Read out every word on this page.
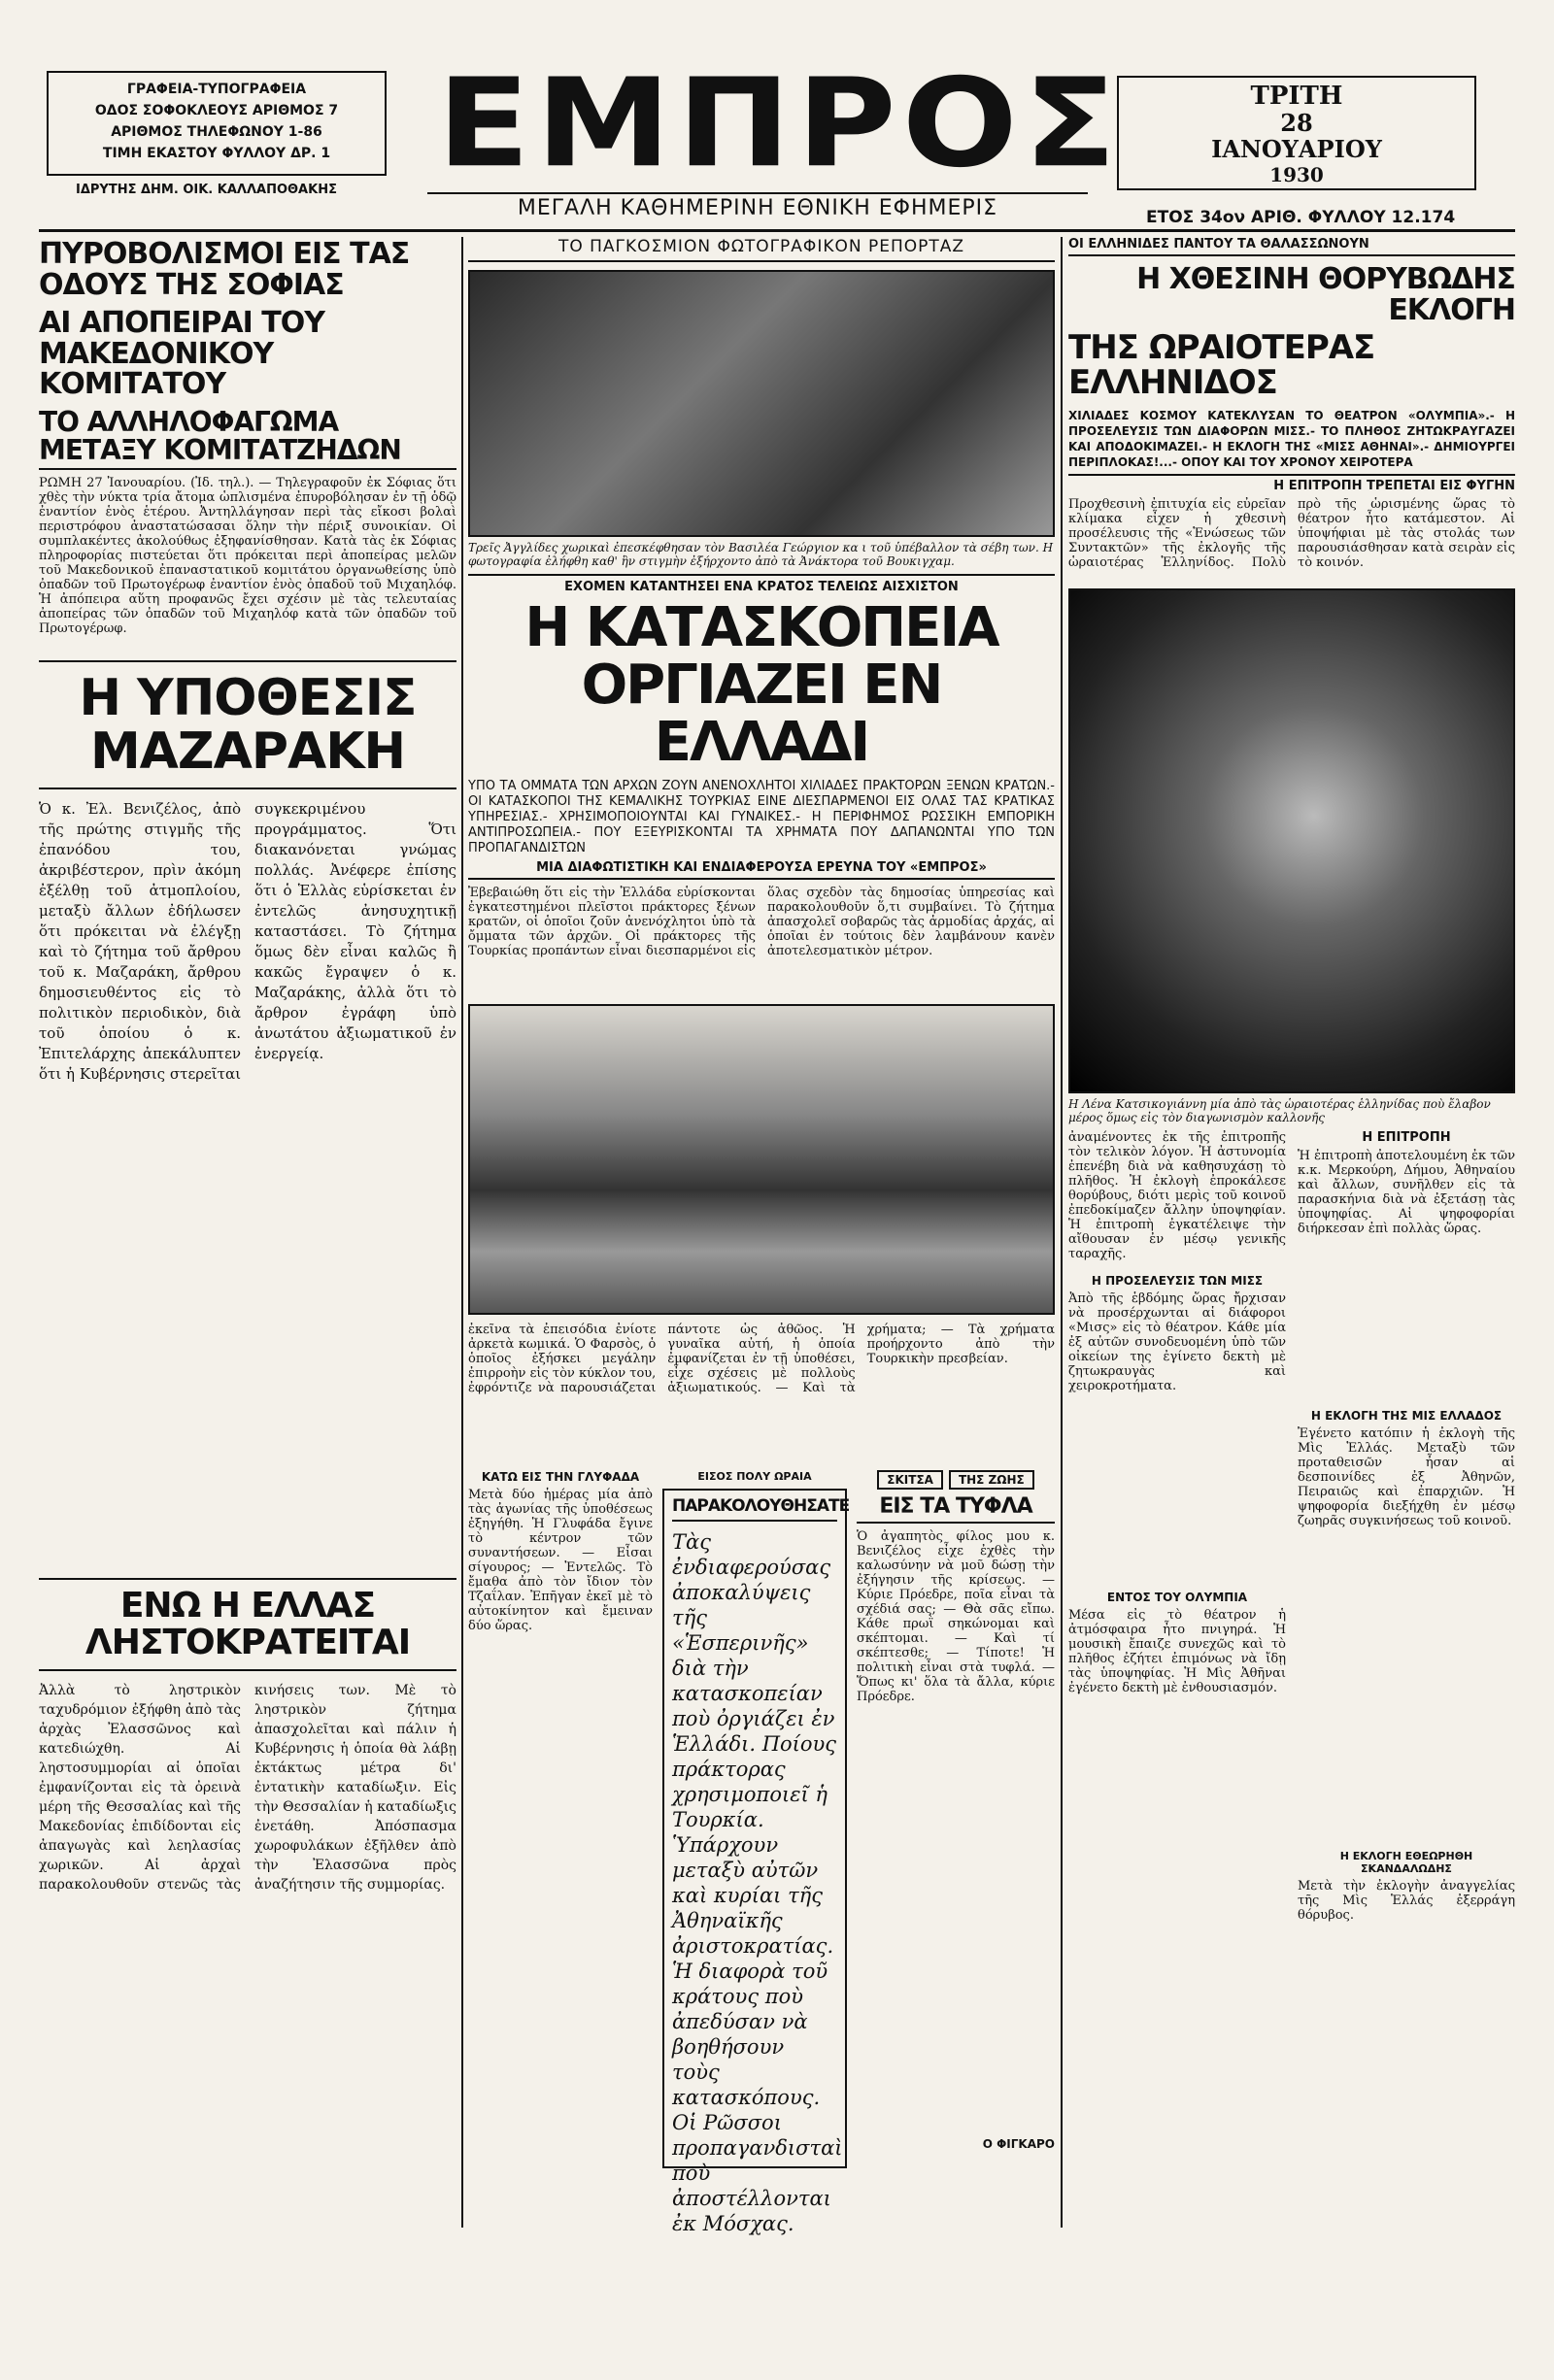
ΓΡΑΦΕΙΑ-ΤΥΠΟΓΡΑΦΕΙΑ
ΟΔΟΣ ΣΟΦΟΚΛΕΟΥΣ ΑΡΙΘΜΟΣ 7
ΑΡΙΘΜΟΣ ΤΗΛΕΦΩΝΟΥ 1-86
ΤΙΜΗ ΕΚΑΣΤΟΥ ΦΥΛΛΟΥ ΔΡ. 1
ΙΔΡΥΤΗΣ ΔΗΜ. ΟΙΚ. ΚΑΛΛΑΠΟΘΑΚΗΣ ΕΜΠΡΟΣ
ΜΕΓΑΛΗ ΚΑΘΗΜΕΡΙΝΗ ΕΘΝΙΚΗ ΕΦΗΜΕΡΙΣ
ΤΡΙΤΗ
28
ΙΑΝΟΥΑΡΙΟΥ
1930
ΕΤΟΣ 34ον ΑΡΙΘ. ΦΥΛΛΟΥ 12.174
ΠΥΡΟΒΟΛΙΣΜΟΙ ΕΙΣ ΤΑΣ ΟΔΟΥΣ ΤΗΣ ΣΟΦΙΑΣ
ΑΙ ΑΠΟΠΕΙΡΑΙ ΤΟΥ ΜΑΚΕΔΟΝΙΚΟΥ ΚΟΜΙΤΑΤΟΥ
ΤΟ ΑΛΛΗΛΟΦΑΓΩΜΑ ΜΕΤΑΞΥ ΚΟΜΙΤΑΤΖΗΔΩΝ
ΡΩΜΗ 27 Ἰανουαρίου. (Ἰδ. τηλ.). — Τηλεγραφοῦν ἐκ Σόφιας ὅτι χθὲς τὴν νύκτα τρία ἄτομα ὡπλισμένα ἐπυροβόλησαν ἐν τῇ ὁδῷ ἐναντίον ἑνὸς ἑτέρου. Ἀντηλλάγησαν περὶ τὰς εἴκοσι βολαὶ περιστρόφου ἀναστατώσασαι ὅλην τὴν πέριξ συνοικίαν. Οἱ συμπλακέντες ἀκολούθως ἐξηφανίσθησαν. Κατὰ τὰς ἐκ Σόφιας πληροφορίας πιστεύεται ὅτι πρόκειται περὶ ἀποπείρας μελῶν τοῦ Μακεδονικοῦ ἐπαναστατικοῦ κομιτάτου ὀργανωθείσης ὑπὸ ὀπαδῶν τοῦ Πρωτογέρωφ ἐναντίον ἑνὸς ὀπαδοῦ τοῦ Μιχαηλόφ. Ἡ ἀπόπειρα αὕτη προφανῶς ἔχει σχέσιν μὲ τὰς τελευταίας ἀποπείρας τῶν ὀπαδῶν τοῦ Μιχαηλόφ κατὰ τῶν ὀπαδῶν τοῦ Πρωτογέρωφ.
Η ΥΠΟΘΕΣΙΣ ΜΑΖΑΡΑΚΗ
Ὁ κ. Ἐλ. Βενιζέλος, ἀπὸ τῆς πρώτης στιγμῆς τῆς ἐπανόδου του, ἀκριβέστερον, πρὶν ἀκόμη ἐξέλθῃ τοῦ ἀτμοπλοίου, μεταξὺ ἄλλων ἐδήλωσεν ὅτι πρόκειται νὰ ἐλέγξῃ καὶ τὸ ζήτημα τοῦ ἄρθρου τοῦ κ. Μαζαράκη, ἄρθρου δημοσιευθέντος εἰς τὸ πολιτικὸν περιοδικὸν, διὰ τοῦ ὁποίου ὁ κ. Ἐπιτελάρχης ἀπεκάλυπτεν ὅτι ἡ Κυβέρνησις στερεῖται συγκεκριμένου προγράμματος. Ὅτι διακανόνεται γνώμας πολλάς. Ἀνέφερε ἐπίσης ὅτι ὁ Ἑλλὰς εὑρίσκεται ἐν ἐντελῶς ἀνησυχητικῇ καταστάσει. Τὸ ζήτημα ὅμως δὲν εἶναι καλῶς ἢ κακῶς ἔγραψεν ὁ κ. Μαζαράκης, ἀλλὰ ὅτι τὸ ἄρθρον ἐγράφη ὑπὸ ἀνωτάτου ἀξιωματικοῦ ἐν ἐνεργείᾳ.
ΕΝΩ Η ΕΛΛΑΣ ΛΗΣΤΟΚΡΑΤΕΙΤΑΙ
Ἀλλὰ τὸ ληστρικὸν ταχυδρόμιον ἐξήφθη ἀπὸ τὰς ἀρχὰς Ἐλασσῶνος καὶ κατεδιώχθη. Αἱ ληστοσυμμορίαι αἱ ὁποῖαι ἐμφανίζονται εἰς τὰ ὀρεινὰ μέρη τῆς Θεσσαλίας καὶ τῆς Μακεδονίας ἐπιδίδονται εἰς ἀπαγωγὰς καὶ λεηλασίας χωρικῶν. Αἱ ἀρχαὶ παρακολουθοῦν στενῶς τὰς κινήσεις των. Μὲ τὸ ληστρικὸν ζήτημα ἀπασχολεῖται καὶ πάλιν ἡ Κυβέρνησις ἡ ὁποία θὰ λάβῃ ἐκτάκτως μέτρα δι' ἐντατικὴν καταδίωξιν. Εἰς τὴν Θεσσαλίαν ἡ καταδίωξις ἐνετάθη. Ἀπόσπασμα χωροφυλάκων ἐξῆλθεν ἀπὸ τὴν Ἐλασσῶνα πρὸς ἀναζήτησιν τῆς συμμορίας.
ΤΟ ΠΑΓΚΟΣΜΙΟΝ ΦΩΤΟΓΡΑΦΙΚΟΝ ΡΕΠΟΡΤΑΖ
Τρεῖς Ἀγγλίδες χωρικαὶ ἐπεσκέφθησαν τὸν Βασιλέα Γεώργιον κα ι τοῦ ὑπέβαλλον τὰ σέβη των. Η φωτογραφία ἐλήφθη καθ' ἣν στιγμὴν ἐξήρχοντο ἀπὸ τὰ Ἀνάκτορα τοῦ Βουκιγχαμ.
ΕΧΟΜΕΝ ΚΑΤΑΝΤΗΣΕΙ ΕΝΑ ΚΡΑΤΟΣ ΤΕΛΕΙΩΣ ΑΙΣΧΙΣΤΟΝ
Η ΚΑΤΑΣΚΟΠΕΙΑ ΟΡΓΙΑΖΕΙ ΕΝ ΕΛΛΑΔΙ
ΥΠΟ ΤΑ ΟΜΜΑΤΑ ΤΩΝ ΑΡΧΩΝ ΖΟΥΝ ΑΝΕΝΟΧΛΗΤΟΙ ΧΙΛΙΑΔΕΣ ΠΡΑΚΤΟΡΩΝ ΞΕΝΩΝ ΚΡΑΤΩΝ.- ΟΙ ΚΑΤΑΣΚΟΠΟΙ ΤΗΣ ΚΕΜΑΛΙΚΗΣ ΤΟΥΡΚΙΑΣ ΕΙΝΕ ΔΙΕΣΠΑΡΜΕΝΟΙ ΕΙΣ ΟΛΑΣ ΤΑΣ ΚΡΑΤΙΚΑΣ ΥΠΗΡΕΣΙΑΣ.- ΧΡΗΣΙΜΟΠΟΙΟΥΝΤΑΙ ΚΑΙ ΓΥΝΑΙΚΕΣ.- Η ΠΕΡΙΦΗΜΟΣ ΡΩΣΣΙΚΗ ΕΜΠΟΡΙΚΗ ΑΝΤΙΠΡΟΣΩΠΕΙΑ.- ΠΟΥ ΕΞΕΥΡΙΣΚΟΝΤΑΙ ΤΑ ΧΡΗΜΑΤΑ ΠΟΥ ΔΑΠΑΝΩΝΤΑΙ ΥΠΟ ΤΩΝ ΠΡΟΠΑΓΑΝΔΙΣΤΩΝ
ΜΙΑ ΔΙΑΦΩΤΙΣΤΙΚΗ ΚΑΙ ΕΝΔΙΑΦΕΡΟΥΣΑ ΕΡΕΥΝΑ ΤΟΥ «ΕΜΠΡΟΣ»
Ἐβεβαιώθη ὅτι εἰς τὴν Ἑλλάδα εὑρίσκονται ἐγκατεστημένοι πλεῖστοι πράκτορες ξένων κρατῶν, οἱ ὁποῖοι ζοῦν ἀνενόχλητοι ὑπὸ τὰ ὄμματα τῶν ἀρχῶν. Οἱ πράκτορες τῆς Τουρκίας προπάντων εἶναι διεσπαρμένοι εἰς ὅλας σχεδὸν τὰς δημοσίας ὑπηρεσίας καὶ παρακολουθοῦν ὅ,τι συμβαίνει. Τὸ ζήτημα ἀπασχολεῖ σοβαρῶς τὰς ἁρμοδίας ἀρχάς, αἱ ὁποῖαι ἐν τούτοις δὲν λαμβάνουν κανὲν ἀποτελεσματικὸν μέτρον.
ἐκεῖνα τὰ ἐπεισόδια ἐνίοτε ἀρκετὰ κωμικά. Ὁ Φαρσὸς, ὁ ὁποῖος ἐξήσκει μεγάλην ἐπιρροὴν εἰς τὸν κύκλον του, ἐφρόντιζε νὰ παρουσιάζεται πάντοτε ὡς ἀθῶος. Ἡ γυναῖκα αὐτή, ἡ ὁποία ἐμφανίζεται ἐν τῇ ὑποθέσει, εἶχε σχέσεις μὲ πολλοὺς ἀξιωματικούς. — Καὶ τὰ χρήματα; — Τὰ χρήματα προήρχοντο ἀπὸ τὴν Τουρκικὴν πρεσβείαν.
ΚΑΤΩ ΕΙΣ ΤΗΝ ΓΛΥΦΑΔΑ
Μετὰ δύο ἡμέρας μία ἀπὸ τὰς ἀγωνίας τῆς ὑποθέσεως ἐξηγήθη. Ἡ Γλυφάδα ἔγινε τὸ κέντρον τῶν συναντήσεων. — Εἶσαι σίγουρος; — Ἐντελῶς. Τὸ ἔμαθα ἀπὸ τὸν ἴδιον τὸν Τζαΐλαν. Ἐπῆγαν ἐκεῖ μὲ τὸ αὐτοκίνητον καὶ ἔμειναν δύο ὥρας.
ΕΙΣΟΣ ΠΟΛΥ ΩΡΑΙΑ
ΠΑΡΑΚΟΛΟΥΘΗΣΑΤΕ
Τὰς ἐνδιαφερούσας ἀποκαλύψεις τῆς «Ἑσπερινῆς» διὰ τὴν κατασκοπείαν ποὺ ὀργιάζει ἐν Ἑλλάδι. Ποίους πράκτορας χρησιμοποιεῖ ἡ Τουρκία. Ὑπάρχουν μεταξὺ αὐτῶν καὶ κυρίαι τῆς Ἀθηναϊκῆς ἀριστοκρατίας. Ἡ διαφορὰ τοῦ κράτους ποὺ ἀπεδύσαν νὰ βοηθήσουν τοὺς κατασκόπους. Οἱ Ρῶσσοι προπαγανδισταὶ ποὺ ἀποστέλλονται ἐκ Μόσχας.
ΣΚΙΤΣΑ	ΤΗΣ ΖΩΗΣ
ΕΙΣ ΤΑ ΤΥΦΛΑ
Ὁ ἀγαπητὸς φίλος μου κ. Βενιζέλος εἶχε ἐχθὲς τὴν καλωσύνην νὰ μοῦ δώσῃ τὴν ἐξήγησιν τῆς κρίσεως. — Κύριε Πρόεδρε, ποῖα εἶναι τὰ σχέδιά σας; — Θὰ σᾶς εἴπω. Κάθε πρωῒ σηκώνομαι καὶ σκέπτομαι. — Καὶ τί σκέπτεσθε; — Τίποτε! Ἡ πολιτικὴ εἶναι στὰ τυφλά. — Ὅπως κι' ὅλα τὰ ἄλλα, κύριε Πρόεδρε.
Ο ΦΙΓΚΑΡΟ
ΟΙ ΕΛΛΗΝΙΔΕΣ ΠΑΝΤΟΥ ΤΑ ΘΑΛΑΣΣΩΝΟΥΝ
Η ΧΘΕΣΙΝΗ ΘΟΡΥΒΩΔΗΣ ΕΚΛΟΓΗ
ΤΗΣ ΩΡΑΙΟΤΕΡΑΣ ΕΛΛΗΝΙΔΟΣ
ΧΙΛΙΑΔΕΣ ΚΟΣΜΟΥ ΚΑΤΕΚΛΥΣΑΝ ΤΟ ΘΕΑΤΡΟΝ «ΟΛΥΜΠΙΑ».- Η ΠΡΟΣΕΛΕΥΣΙΣ ΤΩΝ ΔΙΑΦΟΡΩΝ ΜΙΣΣ.- ΤΟ ΠΛΗΘΟΣ ΖΗΤΩΚΡΑΥΓΑΖΕΙ ΚΑΙ ΑΠΟΔΟΚΙΜΑΖΕΙ.- Η ΕΚΛΟΓΗ ΤΗΣ «ΜΙΣΣ ΑΘΗΝΑΙ».- ΔΗΜΙΟΥΡΓΕΙ ΠΕΡΙΠΛΟΚΑΣ!...- ΟΠΟΥ ΚΑΙ ΤΟΥ ΧΡΟΝΟΥ ΧΕΙΡΟΤΕΡΑ
Η ΕΠΙΤΡΟΠΗ ΤΡΕΠΕΤΑΙ ΕΙΣ ΦΥΓΗΝ
Προχθεσινὴ ἐπιτυχία εἰς εὐρεῖαν κλίμακα εἶχεν ἡ χθεσινὴ προσέλευσις τῆς «Ἑνώσεως τῶν Συντακτῶν» τῆς ἐκλογῆς τῆς ὡραιοτέρας Ἑλληνίδος. Πολὺ πρὸ τῆς ὡρισμένης ὥρας τὸ θέατρον ἦτο κατάμεστον. Αἱ ὑποψήφιαι μὲ τὰς στολάς των παρουσιάσθησαν κατὰ σειρὰν εἰς τὸ κοινόν.
Η Λένα Κατσικογιάννη μία ἀπὸ τὰς ὡραιοτέρας ἑλληνίδας ποὺ ἔλαβον μέρος ὅμως εἰς τὸν διαγωνισμὸν καλλονῆς
ἀναμένοντες ἐκ τῆς ἐπιτροπῆς τὸν τελικὸν λόγον. Ἡ ἀστυνομία ἐπενέβη διὰ νὰ καθησυχάσῃ τὸ πλῆθος. Ἡ ἐκλογὴ ἐπροκάλεσε θορύβους, διότι μερὶς τοῦ κοινοῦ ἐπεδοκίμαζεν ἄλλην ὑποψηφίαν. Ἡ ἐπιτροπὴ ἐγκατέλειψε τὴν αἴθουσαν ἐν μέσῳ γενικῆς ταραχῆς.
Η ΠΡΟΣΕΛΕΥΣΙΣ ΤΩΝ ΜΙΣΣ
Ἀπὸ τῆς ἑβδόμης ὥρας ἤρχισαν νὰ προσέρχωνται αἱ διάφοροι «Μισς» εἰς τὸ θέατρον. Κάθε μία ἐξ αὐτῶν συνοδευομένη ὑπὸ τῶν οἰκείων της ἐγίνετο δεκτὴ μὲ ζητωκραυγὰς καὶ χειροκροτήματα.
ΕΝΤΟΣ ΤΟΥ ΟΛΥΜΠΙΑ
Μέσα εἰς τὸ θέατρον ἡ ἀτμόσφαιρα ἦτο πνιγηρά. Ἡ μουσικὴ ἔπαιζε συνεχῶς καὶ τὸ πλῆθος ἐζήτει ἐπιμόνως νὰ ἴδῃ τὰς ὑποψηφίας. Ἡ Μὶς Ἀθῆναι ἐγένετο δεκτὴ μὲ ἐνθουσιασμόν.
Η ΕΠΙΤΡΟΠΗ
Ἡ ἐπιτροπὴ ἀποτελουμένη ἐκ τῶν κ.κ. Μερκούρη, Δήμου, Ἀθηναίου καὶ ἄλλων, συνῆλθεν εἰς τὰ παρασκήνια διὰ νὰ ἐξετάσῃ τὰς ὑποψηφίας. Αἱ ψηφοφορίαι διήρκεσαν ἐπὶ πολλὰς ὥρας.
Η ΕΚΛΟΓΗ ΤΗΣ ΜΙΣ ΕΛΛΑΔΟΣ
Ἐγένετο κατόπιν ἡ ἐκλογὴ τῆς Μὶς Ἑλλάς. Μεταξὺ τῶν προταθεισῶν ἦσαν αἱ δεσποινίδες ἐξ Ἀθηνῶν, Πειραιῶς καὶ ἐπαρχιῶν. Ἡ ψηφοφορία διεξήχθη ἐν μέσῳ ζωηρᾶς συγκινήσεως τοῦ κοινοῦ.
Η ΕΚΛΟΓΗ ΕΘΕΩΡΗΘΗ ΣΚΑΝΔΑΛΩΔΗΣ
Μετὰ τὴν ἐκλογὴν ἀναγγελίας τῆς Μὶς Ἑλλάς ἐξερράγη θόρυβος.
